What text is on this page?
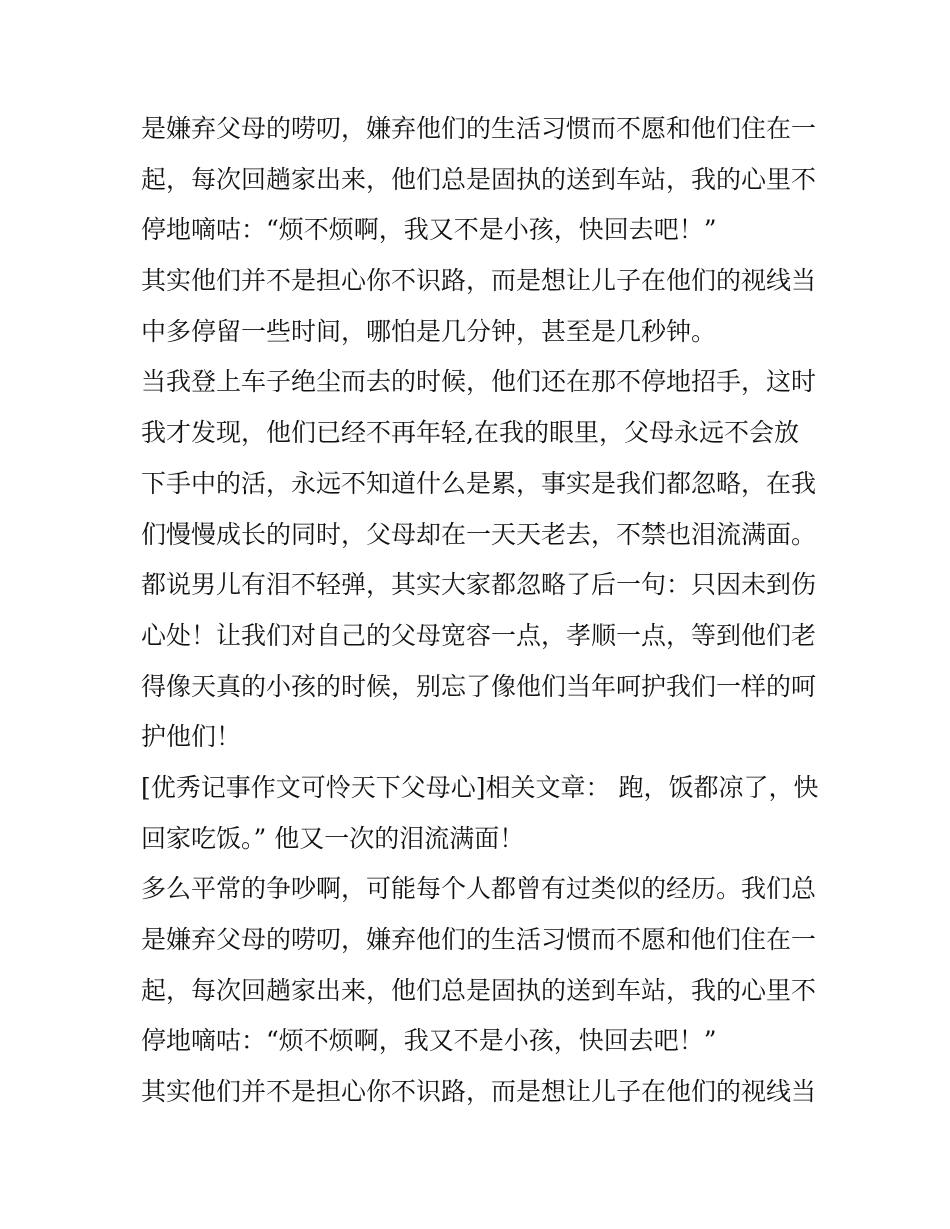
是嫌弃父母的唠叨，嫌弃他们的生活习惯而不愿和他们住在一
起，每次回趟家出来，他们总是固执的送到车站，我的心里不
停地嘀咕：“烦不烦啊，我又不是小孩，快回去吧！”
其实他们并不是担心你不识路，而是想让儿子在他们的视线当
中多停留一些时间，哪怕是几分钟，甚至是几秒钟。
当我登上车子绝尘而去的时候，他们还在那不停地招手，这时
我才发现，他们已经不再年轻,在我的眼里，父母永远不会放
下手中的活，永远不知道什么是累，事实是我们都忽略，在我
们慢慢成长的同时，父母却在一天天老去，不禁也泪流满面。
都说男儿有泪不轻弹，其实大家都忽略了后一句：只因未到伤
心处！让我们对自己的父母宽容一点，孝顺一点，等到他们老
得像天真的小孩的时候，别忘了像他们当年呵护我们一样的呵
护他们！
[优秀记事作文可怜天下父母心]相关文章： 跑，饭都凉了，快
回家吃饭。” 他又一次的泪流满面！
多么平常的争吵啊，可能每个人都曾有过类似的经历。我们总
是嫌弃父母的唠叨，嫌弃他们的生活习惯而不愿和他们住在一
起，每次回趟家出来，他们总是固执的送到车站，我的心里不
停地嘀咕：“烦不烦啊，我又不是小孩，快回去吧！”
其实他们并不是担心你不识路，而是想让儿子在他们的视线当
